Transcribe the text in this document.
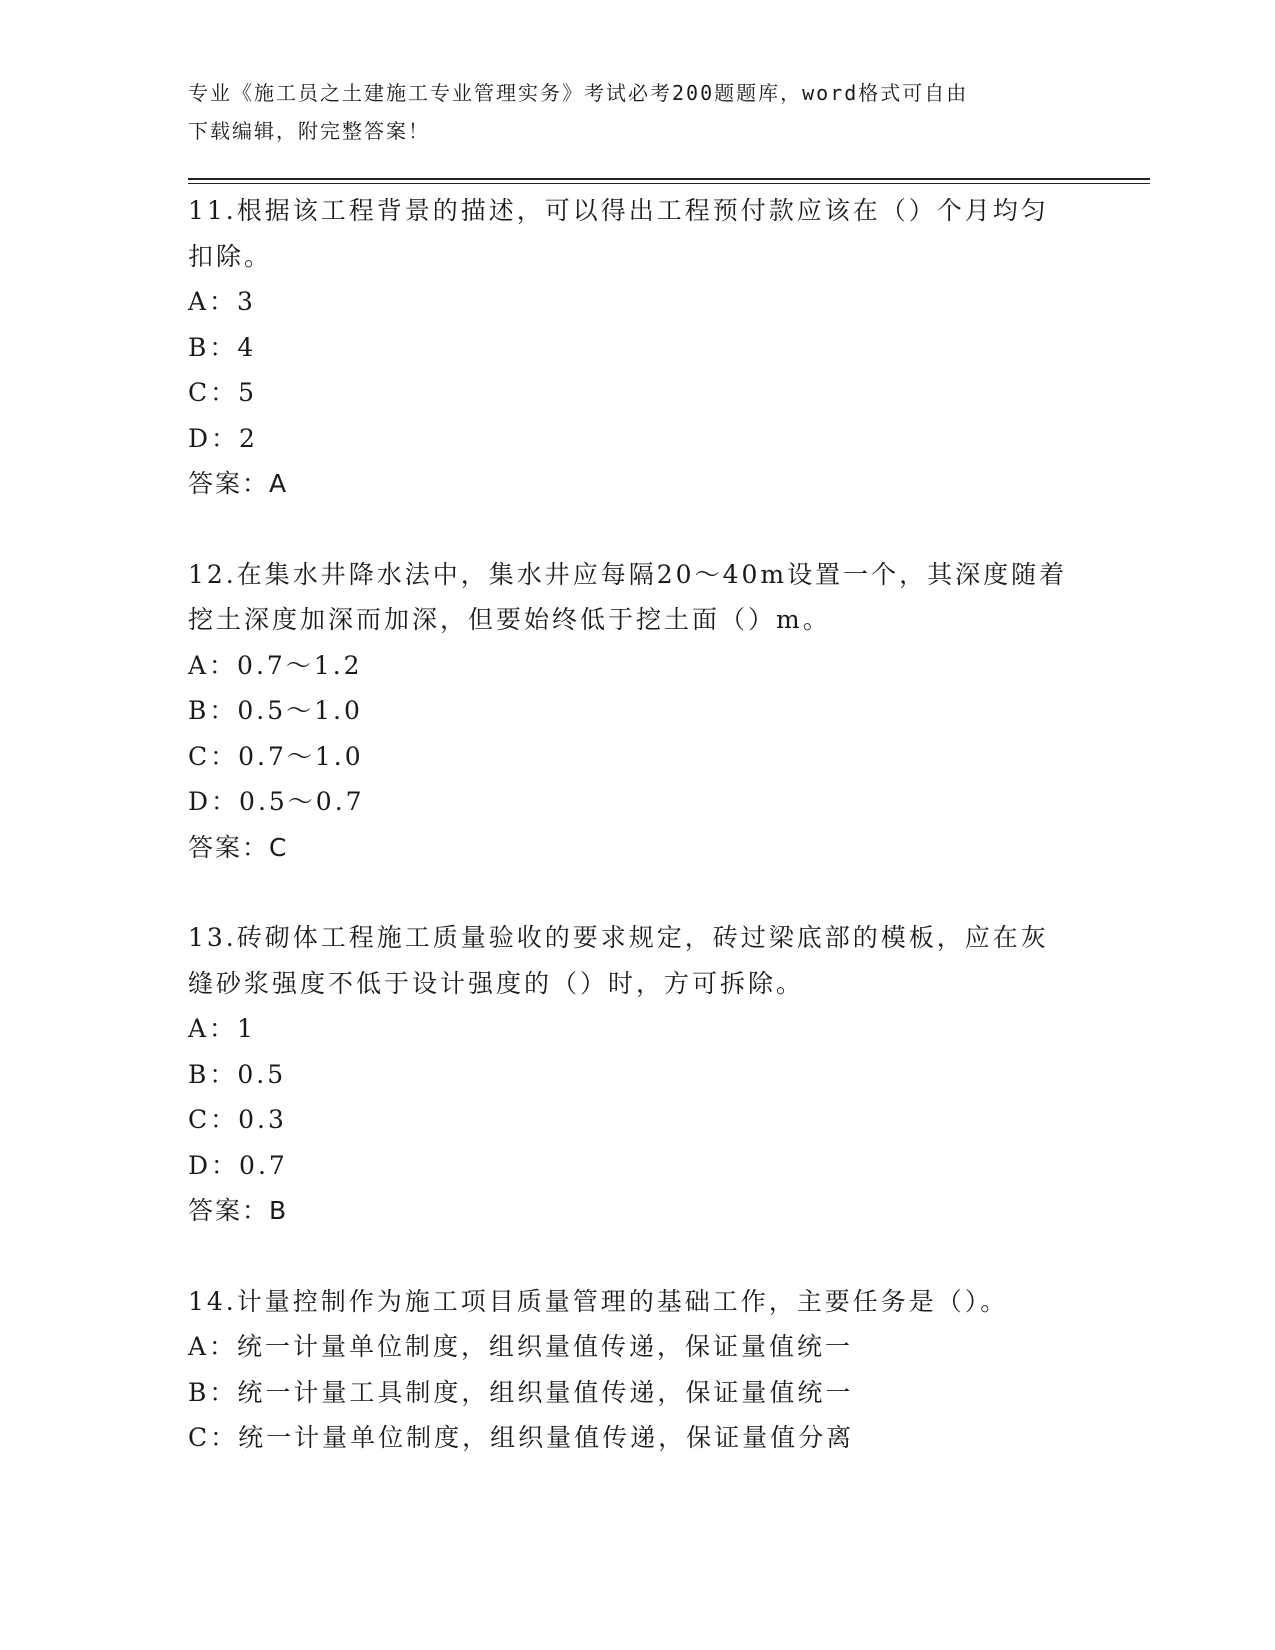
专业《施工员之土建施工专业管理实务》考试必考200题题库，word格式可自由
下载编辑，附完整答案！
11.根据该工程背景的描述，可以得出工程预付款应该在（）个月均匀
扣除。
A：3
B：4
C：5
D：2
答案：A
12.在集水井降水法中，集水井应每隔20～40m设置一个，其深度随着
挖土深度加深而加深，但要始终低于挖土面（）m。
A：0.7～1.2
B：0.5～1.0
C：0.7～1.0
D：0.5～0.7
答案：C
13.砖砌体工程施工质量验收的要求规定，砖过梁底部的模板，应在灰
缝砂浆强度不低于设计强度的（）时，方可拆除。
A：1
B：0.5
C：0.3
D：0.7
答案：B
14.计量控制作为施工项目质量管理的基础工作，主要任务是（）。
A：统一计量单位制度，组织量值传递，保证量值统一
B：统一计量工具制度，组织量值传递，保证量值统一
C：统一计量单位制度，组织量值传递，保证量值分离
